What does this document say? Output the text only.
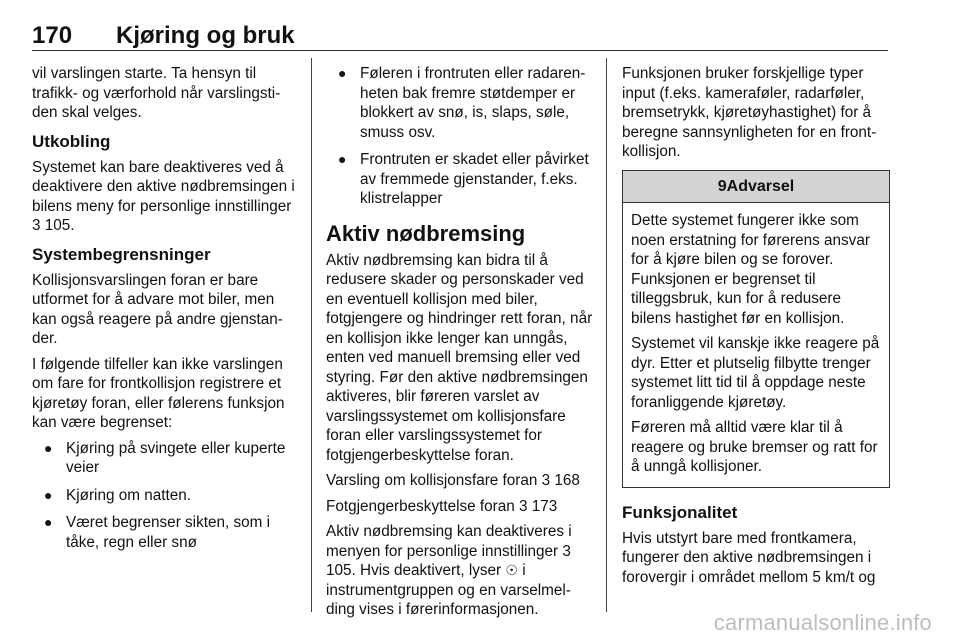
170 Kjøring og bruk

vil varslingen starte. Ta hensyn til trafikk- og værforhold når varslingstiden skal velges.

Utkobling

Systemet kan bare deaktiveres ved å deaktivere den aktive nødbremsingen i bilens meny for personlige innstillinger 3 105.

Systembegrensninger

Kollisjonsvarslingen foran er bare utformet for å advare mot biler, men kan også reagere på andre gjenstander.

I følgende tilfeller kan ikke varslingen om fare for frontkollisjon registrere et kjøretøy foran, eller følerens funksjon kan være begrenset:

● Kjøring på svingete eller kuperte veier
● Kjøring om natten.
● Været begrenser sikten, som i tåke, regn eller snø
● Føleren i frontruten eller radarenheten bak fremre støtdemper er blokkert av snø, is, slaps, søle, smuss osv.
● Frontruten er skadet eller påvirket av fremmede gjenstander, f.eks. klistrelapper
Aktiv nødbremsing

Aktiv nødbremsing kan bidra til å redusere skader og personskader ved en eventuell kollisjon med biler, fotgjengere og hindringer rett foran, når en kollisjon ikke lenger kan unngås, enten ved manuell bremsing eller ved styring. Før den aktive nødbremsingen aktiveres, blir føreren varslet av varslingssystemet om kollisjonsfare foran eller varslingssystemet for fotgjengerbeskyttelse foran.

Varsling om kollisjonsfare foran 3 168

Fotgjengerbeskyttelse foran 3 173

Aktiv nødbremsing kan deaktiveres i menyen for personlige innstillinger 3 105. Hvis deaktivert, lyser ☉ i instrumentgruppen og en varselmelding vises i førerinformasjonen.

Funksjonen bruker forskjellige typer input (f.eks. kameraføler, radarføler, bremsetrykk, kjøretøyhastighet) for å beregne sannsynligheten for en frontkollisjon.

9Advarsel

Dette systemet fungerer ikke som noen erstatning for førerens ansvar for å kjøre bilen og se forover. Funksjonen er begrenset til tilleggsbruk, kun for å redusere bilens hastighet før en kollisjon.

Systemet vil kanskje ikke reagere på dyr. Etter et plutselig filbytte trenger systemet litt tid til å oppdage neste foranliggende kjøretøy.

Føreren må alltid være klar til å reagere og bruke bremser og ratt for å unngå kollisjoner.

Funksjonalitet

Hvis utstyrt bare med frontkamera, fungerer den aktive nødbremsingen i forovergir i området mellom 5 km/t og

carmanualsonline.info
